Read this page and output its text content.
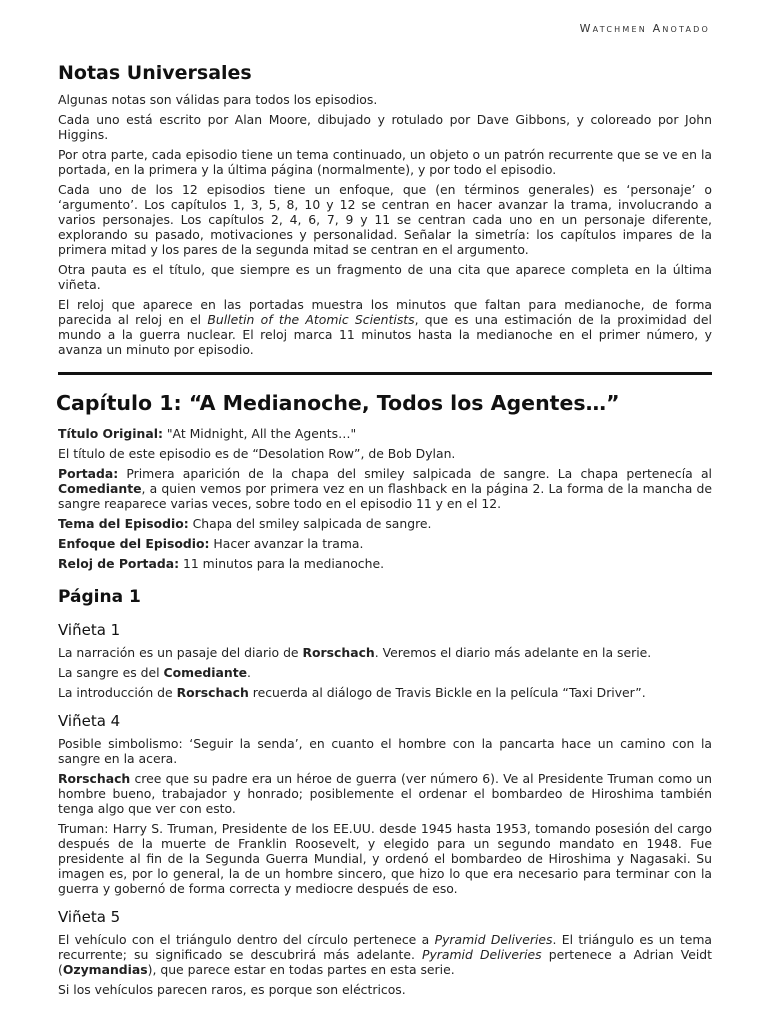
Watchmen Anotado
Notas Universales

Algunas notas son válidas para todos los episodios.

Cada uno está escrito por Alan Moore, dibujado y rotulado por Dave Gibbons, y coloreado por John Higgins.

Por otra parte, cada episodio tiene un tema continuado, un objeto o un patrón recurrente que se ve en la portada, en la primera y la última página (normalmente), y por todo el episodio.

Cada uno de los 12 episodios tiene un enfoque, que (en términos generales) es ‘personaje’ o ‘argumento’. Los capítulos 1, 3, 5, 8, 10 y 12 se centran en hacer avanzar la trama, involucrando a varios personajes. Los capítulos 2, 4, 6, 7, 9 y 11 se centran cada uno en un personaje diferente, explorando su pasado, motivaciones y personalidad. Señalar la simetría: los capítulos impares de la primera mitad y los pares de la segunda mitad se centran en el argumento.

Otra pauta es el título, que siempre es un fragmento de una cita que aparece completa en la última viñeta.

El reloj que aparece en las portadas muestra los minutos que faltan para medianoche, de forma parecida al reloj en el Bulletin of the Atomic Scientists, que es una estimación de la proximidad del mundo a la guerra nuclear. El reloj marca 11 minutos hasta la medianoche en el primer número, y avanza un minuto por episodio.

Capítulo 1: “A Medianoche, Todos los Agentes…”

Título Original: "At Midnight, All the Agents…"

El título de este episodio es de “Desolation Row”, de Bob Dylan.

Portada: Primera aparición de la chapa del smiley salpicada de sangre. La chapa pertenecía al Comediante, a quien vemos por primera vez en un flashback en la página 2. La forma de la mancha de sangre reaparece varias veces, sobre todo en el episodio 11 y en el 12.

Tema del Episodio: Chapa del smiley salpicada de sangre.

Enfoque del Episodio: Hacer avanzar la trama.

Reloj de Portada: 11 minutos para la medianoche.

Página 1
Viñeta 1

La narración es un pasaje del diario de Rorschach. Veremos el diario más adelante en la serie.

La sangre es del Comediante.

La introducción de Rorschach recuerda al diálogo de Travis Bickle en la película “Taxi Driver”.

Viñeta 4

Posible simbolismo: ‘Seguir la senda’, en cuanto el hombre con la pancarta hace un camino con la sangre en la acera.

Rorschach cree que su padre era un héroe de guerra (ver número 6). Ve al Presidente Truman como un hombre bueno, trabajador y honrado; posiblemente el ordenar el bombardeo de Hiroshima también tenga algo que ver con esto.

Truman: Harry S. Truman, Presidente de los EE.UU. desde 1945 hasta 1953, tomando posesión del cargo después de la muerte de Franklin Roosevelt, y elegido para un segundo mandato en 1948. Fue presidente al fin de la Segunda Guerra Mundial, y ordenó el bombardeo de Hiroshima y Nagasaki. Su imagen es, por lo general, la de un hombre sincero, que hizo lo que era necesario para terminar con la guerra y gobernó de forma correcta y mediocre después de eso.

Viñeta 5

El vehículo con el triángulo dentro del círculo pertenece a Pyramid Deliveries. El triángulo es un tema recurrente; su significado se descubrirá más adelante. Pyramid Deliveries pertenece a Adrian Veidt (Ozymandias), que parece estar en todas partes en esta serie.

Si los vehículos parecen raros, es porque son eléctricos.
